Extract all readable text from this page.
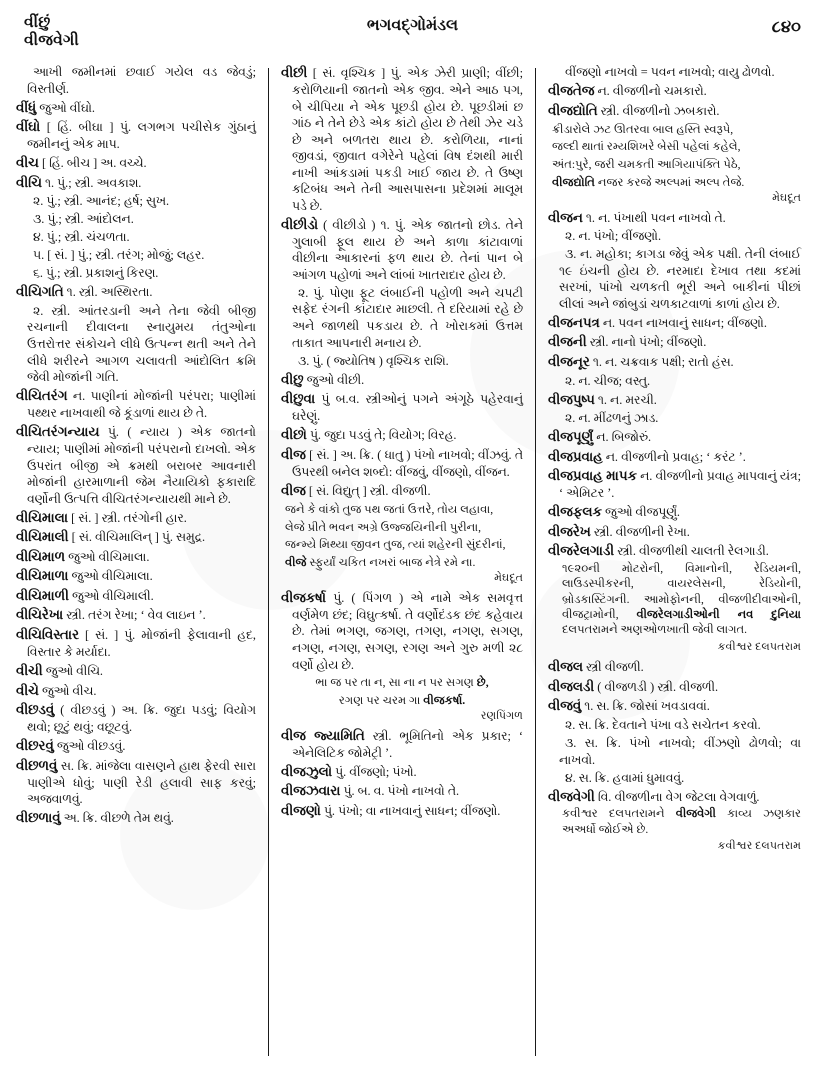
વીંછું
વીજવેગી
ભગવદ્ગોમંડલ	૮૪૦

આખી જમીનમાં છવાઈ ગયેલ વડ જેવડું; વિસ્તીર્ણ.

વીંધું જુઓ વીંઘો.

વીંઘો [ હિં. બીઘા ] પું. લગભગ પચીસેક ગુંઠાનું જમીનનું એક માપ.

વીચ [ હિં. બીચ ] અ. વચ્ચે.

વીચિ ૧. પું.; સ્ત્રી. અવકાશ.

૨. પું.; સ્ત્રી. આનંદ; હર્ષ; સુખ.

૩. પું.; સ્ત્રી. આંદોલન.

૪. પું.; સ્ત્રી. ચંચળતા.

૫. [ સં. ] પું.; સ્ત્રી. તરંગ; મોજું; લહર.

૬. પું.; સ્ત્રી. પ્રકાશનું કિરણ.

વીચિગતિ ૧. સ્ત્રી. અસ્થિરતા.

૨. સ્ત્રી. આંતરડાની અને તેના જેવી બીજી રચનાની દીવાલના સ્નાયુમય તંતુઓના ઉત્તરોત્તર સંકોચને લીધે ઉત્પન્ન થતી અને તેને લીધે શરીરને આગળ ચલાવતી આંદોલિત ક્રમિ જેવી મોજાંની ગતિ.

વીચિતરંગ ન. પાણીનાં મોજાંની પરંપરા; પાણીમાં પથ્થર નાખવાથી જે કૂંડાળાં થાય છે તે.

વીચિતરંગન્યાય પું. ( ન્યાય ) એક જાતનો ન્યાય; પાણીમાં મોજાંની પરંપરાનો દાખલો. એક ઉપરાંત બીજી એ ક્રમથી બરાબર આવનારી મોજાંની હારમાળાની જેમ નૈયાયિકો ફકારાદિ વર્ણોની ઉત્પત્તિ વીચિતરંગન્યાયથી માને છે.

વીચિમાલા [ સં. ] સ્ત્રી. તરંગોની હાર.

વીચિમાલી [ સં. વીચિમાલિન્ ] પું. સમુદ્ર.

વીચિમાળ જુઓ વીચિમાલા.

વીચિમાળા જુઓ વીચિમાલા.

વીચિમાળી જુઓ વીચિમાલી.

વીચિરેખા સ્ત્રી. તરંગ રેખા; ‘ વેવ લાઇન ’.

વીચિવિસ્તાર [ સં. ] પું. મોજાંની ફેલાવાની હદ, વિસ્તાર કે મર્યાદા.

વીચી જુઓ વીચિ.

વીચે જુઓ વીચ.

વીછડવું ( વીછડવું ) અ. ક્રિ. જુદા પડવું; વિયોગ થવો; છૂટું થવું; વછૂટવું.

વીછરવું જુઓ વીછડવું.

વીછળવું સ. ક્રિ. માંજેલા વાસણને હાથ ફેરવી સારા પાણીએ ધોવું; પાણી રેડી હલાવી સાફ કરવું; અજવાળવું.

વીછળાવું અ. ક્રિ. વીછળે તેમ થવું.

વીછી [ સં. વૃશ્ચિક ] પું. એક ઝેરી પ્રાણી; વીંછી; કરોળિયાની જાતનો એક જીવ. એને આઠ પગ, બે ચીપિયા ને એક પૂછડી હોય છે. પૂછડીમાં છ ગાંઠ ને તેને છેડે એક કાંટો હોય છે તેથી ઝેર ચડે છે અને બળતરા થાય છે. કરોળિયા, નાનાં જીવડાં, જીવાત વગેરેને પહેલાં વિષ દંશથી મારી નાખી આંકડામાં પકડી ખાઈ જાય છે. તે ઉષ્ણ કટિબંધ અને તેની આસપાસના પ્રદેશમાં માલૂમ પડે છે.

વીછીડો ( વીછીડો ) ૧. પું. એક જાતનો છોડ. તેને ગુલાબી ફૂલ થાય છે અને કાળા કાંટાવાળાં વીછીના આકારનાં ફળ થાય છે. તેનાં પાન બે આંગળ પહોળાં અને લાંબાં ખાતરાદાર હોય છે.

૨. પું. પોણા ફૂટ લંબાઈની પહોળી અને ચપટી સફેદ રંગની કાંટાદાર માછલી. તે દરિયામાં રહે છે અને જાળથી પકડાય છે. તે ખોરાકમાં ઉત્તમ તાકાત આપનારી મનાય છે.

૩. પું. ( જ્યોતિષ ) વૃશ્ચિક રાશિ.

વીછુ જુઓ વીછી.

વીછુવા પું બ.વ. સ્ત્રીઓનું પગને અંગૂઠે પહેરવાનું ઘરેણું.

વીછો પું. જુદા પડવું તે; વિયોગ; વિરહ.

વીજ [ સં. ] અ. ક્રિ. ( ધાતુ ) પંખો નાખવો; વીંઝવું. તે ઉપરથી બનેલ શબ્દો: વીંજવું, વીંજણો, વીંજન.

વીજ [ સં. વિદ્યુત્ ] સ્ત્રી. વીજળી.

જને કે વાંકો તુજ પથ જતાં ઉત્તરે, તોય લહાવા,

લેજે પ્રીતે ભવન અગ્રે ઉજ્જયિનીની પુરીના,

જન્મ્યે મિથ્યા જીવન તુજ, ત્યાં શહેરની સુંદરીનાં,

વીજે સ્ફુર્યાં ચકિત નખરાં બાજ નેત્રે રમે ના.

મેઘદૂત

વીજકર્ષા પું. ( પિંગળ ) એ નામે એક સમવૃત્ત વર્ણમેળ છંદ; વિઘુત્કર્ષા. તે વર્ણોદંડક છંદ કહેવાય છે. તેમાં ભગણ, જગણ, તગણ, નગણ, સગણ, નગણ, નગણ, સગણ, રગણ અને ગુરુ મળી ૨૮ વર્ણો હોય છે.

ભા જ પર તા ન, સા ના ન પર સગણ છે,

રગણ પર ચરમ ગા વીજકર્ષા.

રણપિંગળ

વીજ જ્યામિતિ સ્ત્રી. ભૂમિતિનો એક પ્રકાર; ‘ એનેલિટિક જોમેટ્રી ’.

વીજઝુલો પું. વીંજણો; પંખો.

વીજઝવારા પું. બ. વ. પંખો નાખવો તે.

વીજણો પું. પંખો; વા નાખવાનું સાધન; વીંજણો.

વીંજણો નાખવો = પવન નાખવો; વાયુ ઢોળવો.

વીજતેજ ન. વીજળીનો ચમકારો.

વીજદ્યોતિ સ્ત્રી. વીજળીનો ઝબકારો.

ક્રીડારોલે ઝટ ઊતરવા બાલ હસ્તિ સ્વરૂપે,

જલ્દી થાતાં રમ્યશિખરે બેસી પહેલાં કહેલે,

અંત:પુરે, જરી ચમકતી આગિયાપંક્તિ પેઠે,

વીજદ્યોતિ નજર કરજે અલ્પમાં અલ્પ તેજે.

મેઘદૂત

વીજન ૧. ન. પંખાથી પવન નાખવો તે.

૨. ન. પંખો; વીંજણો.

૩. ન. મહોકા; કાગડા જેવું એક પક્ષી. તેની લંબાઈ ૧૯ ઇંચની હોય છે. નરમાદા દેખાવ તથા કદમાં સરખાં, પાંખો ચળકતી ભૂરી અને બાકીનાં પીછાં લીલાં અને જાંબુડાં ચળકાટવાળાં કાળાં હોય છે.

વીજનપત્ર ન. પવન નાખવાનું સાધન; વીંજણો.

વીજની સ્ત્રી. નાનો પંખો; વીંજણો.

વીજનૂર ૧. ન. ચક્રવાક પક્ષી; રાતો હંસ.

૨. ન. ચીજ; વસ્તુ.

વીજપુષ્પ ૧. ન. મરચી.

૨. ન. મીંઢળનું ઝાડ.

વીજપૂર્ણું ન. બિજોરું.

વીજપ્રવાહ ન. વીજળીનો પ્રવાહ; ‘ કરંટ ’.

વીજપ્રવાહ માપક ન. વીજળીનો પ્રવાહ માપવાનું યંત્ર; ‘ એમિટર ’.

વીજફલક જુઓ વીજપૂર્ણું.

વીજરેખ સ્ત્રી. વીજળીની રેખા.

વીજરેલગાડી સ્ત્રી. વીજળીથી ચાલતી રેલગાડી.

૧૯૨૦ની મોટરોની, વિમાનોની, રેડિયમની, લાઉડસ્પીકરની, વાયરલેસની, રેડિયોની, બ્રોડકાસ્ટિંગની. આમોફોનની, વીજળીદીવાઓની, વીજટ્રામોની, વીજરેલગાડીઓની નવ દુનિયા દલપતરામને અણઓળખાતી જેવી લાગત.

કવીશ્વર દલપતરામ

વીજલ સ્ત્રી વીજળી.

વીજલડી ( વીજળડી ) સ્ત્રી. વીજળી.

વીજવું ૧. સ. ક્રિ. જોસાં ખવડાવવાં.

૨. સ. ક્રિ. દેવતાને પંખા વડે સચેતન કરવો.

૩. સ. ક્રિ. પંખો નાખવો; વીંઝણો ઢોળવો; વા નાખવો.

૪. સ. ક્રિ. હવામાં ધુમાવવું.

વીજવેગી વિ. વીજળીના વેગ જેટલા વેગવાળું.

કવીશ્વર દલપતરામને વીજવેગી કાવ્ય ઝણકાર અઅર્ધો જોઈએ છે.

કવીશ્વર દલપતરામ
